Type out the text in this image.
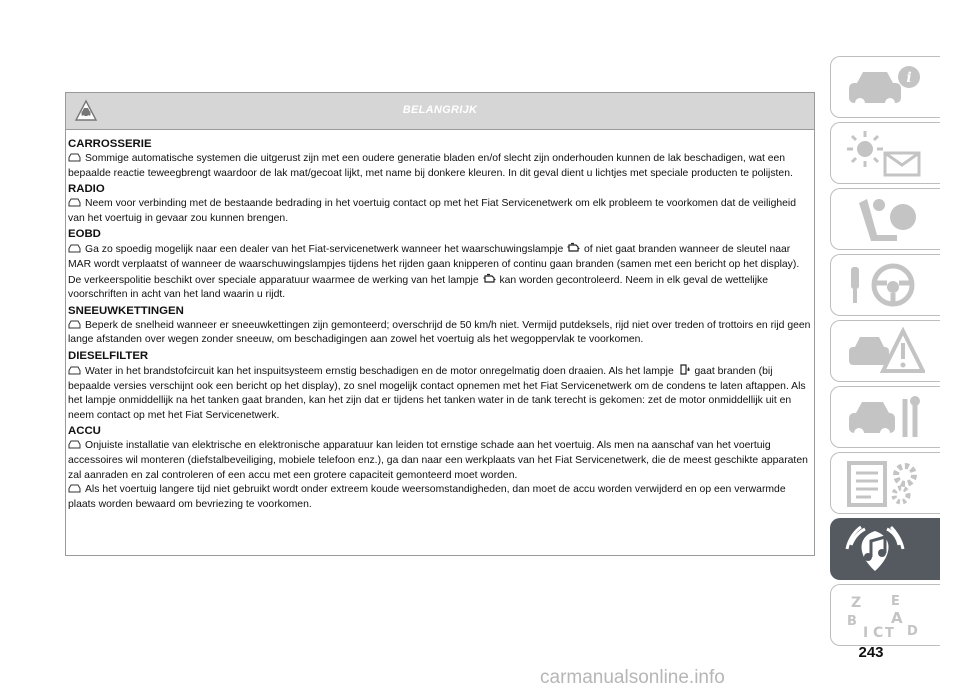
BELANGRIJK
CARROSSERIE

Sommige automatische systemen die uitgerust zijn met een oudere generatie bladen en/of slecht zijn onderhouden kunnen de lak beschadigen, wat een bepaalde reactie teweegbrengt waardoor de lak mat/gecoat lijkt, met name bij donkere kleuren. In dit geval dient u lichtjes met speciale producten te polijsten.

RADIO

Neem voor verbinding met de bestaande bedrading in het voertuig contact op met het Fiat Servicenetwerk om elk probleem te voorkomen dat de veiligheid van het voertuig in gevaar zou kunnen brengen.

EOBD

Ga zo spoedig mogelijk naar een dealer van het Fiat-servicenetwerk wanneer het waarschuwingslampje of niet gaat branden wanneer de sleutel naar MAR wordt verplaatst of wanneer de waarschuwingslampjes tijdens het rijden gaan knipperen of continu gaan branden (samen met een bericht op het display). De verkeerspolitie beschikt over speciale apparatuur waarmee de werking van het lampje kan worden gecontroleerd. Neem in elk geval de wettelijke voorschriften in acht van het land waarin u rijdt.

SNEEUWKETTINGEN

Beperk de snelheid wanneer er sneeuwkettingen zijn gemonteerd; overschrijd de 50 km/h niet. Vermijd putdeksels, rijd niet over treden of trottoirs en rijd geen lange afstanden over wegen zonder sneeuw, om beschadigingen aan zowel het voertuig als het wegoppervlak te voorkomen.

DIESELFILTER

Water in het brandstofcircuit kan het inspuitsysteem ernstig beschadigen en de motor onregelmatig doen draaien. Als het lampje gaat branden (bij bepaalde versies verschijnt ook een bericht op het display), zo snel mogelijk contact opnemen met het Fiat Servicenetwerk om de condens te laten aftappen. Als het lampje onmiddellijk na het tanken gaat branden, kan het zijn dat er tijdens het tanken water in de tank terecht is gekomen: zet de motor onmiddellijk uit en neem contact op met het Fiat Servicenetwerk.

ACCU

Onjuiste installatie van elektrische en elektronische apparatuur kan leiden tot ernstige schade aan het voertuig. Als men na aanschaf van het voertuig accessoires wil monteren (diefstalbeveiliging, mobiele telefoon enz.), ga dan naar een werkplaats van het Fiat Servicenetwerk, die de meest geschikte apparaten zal aanraden en zal controleren of een accu met een grotere capaciteit gemonteerd moet worden.

Als het voertuig langere tijd niet gebruikt wordt onder extreem koude weersomstandigheden, dan moet de accu worden verwijderd en op een verwarmde plaats worden bewaard om bevriezing te voorkomen.

i
Z E
B A
I C T D
243
carmanualsonline.info
